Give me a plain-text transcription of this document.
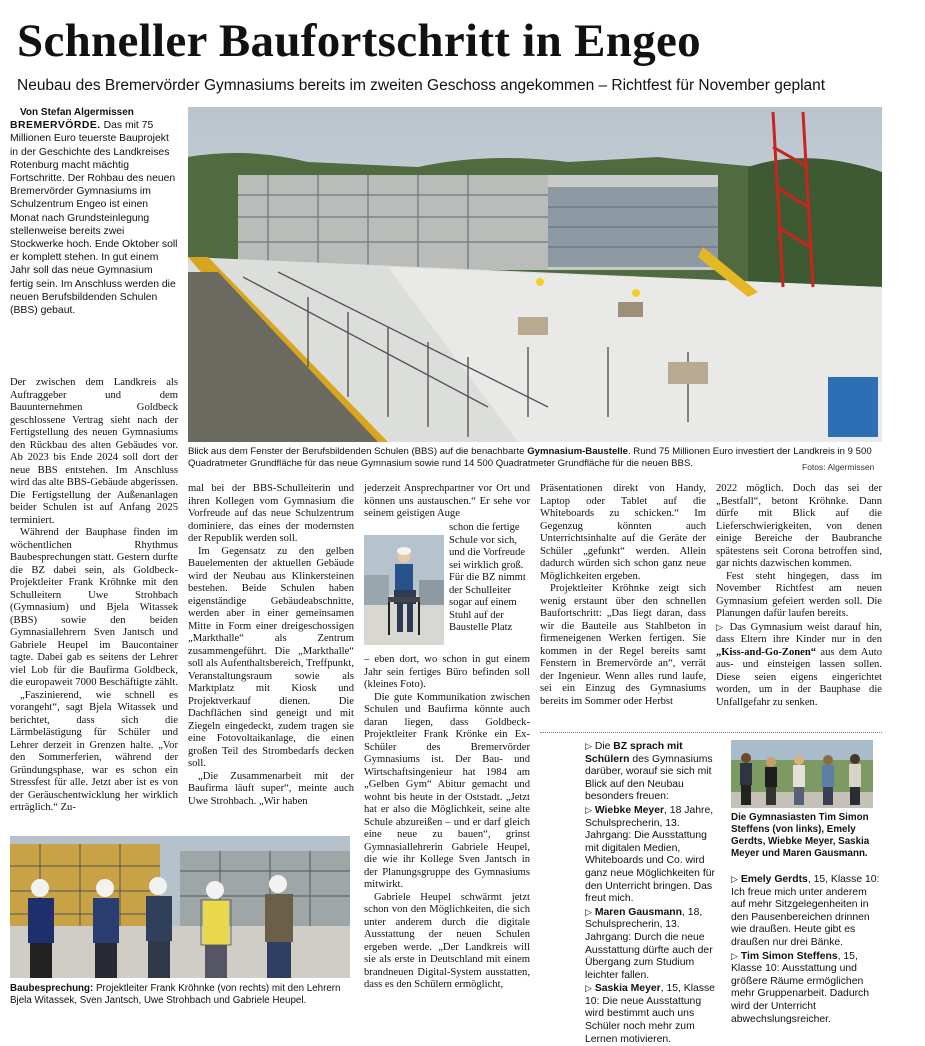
Schneller Baufortschritt in Engeo
Neubau des Bremervörder Gymnasiums bereits im zweiten Geschoss angekommen – Richtfest für November geplant

Von Stefan Algermissen

BREMERVÖRDE. Das mit 75 Millionen Euro teuerste Bauprojekt in der Geschichte des Landkreises Rotenburg macht mächtig Fortschritte. Der Rohbau des neuen Bremervörder Gymnasiums im Schulzentrum Engeo ist einen Monat nach Grundsteinlegung stellenweise bereits zwei Stockwerke hoch. Ende Oktober soll er komplett stehen. In gut einem Jahr soll das neue Gymnasium fertig sein. Im Anschluss werden die neuen Berufsbildenden Schulen (BBS) gebaut.

Blick aus dem Fenster der Berufsbildenden Schulen (BBS) auf die benachbarte Gymnasium-Baustelle. Rund 75 Millionen Euro investiert der Landkreis in 9 500 Quadratmeter Grundfläche für das neue Gymnasium sowie rund 14 500 Quadratmeter Grundfläche für die neuen BBS.	Fotos: Algermissen

Der zwischen dem Landkreis als Auftraggeber und dem Bauunternehmen Goldbeck geschlossene Vertrag sieht nach der Fertigstellung des neuen Gymnasiums den Rückbau des alten Gebäudes vor. Ab 2023 bis Ende 2024 soll dort der neue BBS entstehen. Im Anschluss wird das alte BBS-Gebäude abgerissen. Die Fertigstellung der Außenanlagen beider Schulen ist auf Anfang 2025 terminiert.

Während der Bauphase finden im wöchentlichen Rhythmus Baubesprechungen statt. Gestern durfte die BZ dabei sein, als Goldbeck-Projektleiter Frank Kröhnke mit den Schulleitern Uwe Strohbach (Gymnasium) und Bjela Witassek (BBS) sowie den beiden Gymnasiallehrern Sven Jantsch und Gabriele Heupel im Baucontainer tagte. Dabei gab es seitens der Lehrer viel Lob für die Baufirma Goldbeck, die europaweit 7000 Beschäftigte zählt.

„Faszinierend, wie schnell es vorangeht“, sagt Bjela Witassek und berichtet, dass sich die Lärmbelästigung für Schüler und Lehrer derzeit in Grenzen halte. „Vor den Sommerferien, während der Gründungsphase, war es schon ein Stressfest für alle. Jetzt aber ist es von der Geräuschentwicklung her wirklich erträglich.“ Zu-

mal bei der BBS-Schulleiterin und ihren Kollegen vom Gymnasium die Vorfreude auf das neue Schulzentrum dominiere, das eines der modernsten der Republik werden soll.

Im Gegensatz zu den gelben Bauelementen der aktuellen Gebäude wird der Neubau aus Klinkersteinen bestehen. Beide Schulen haben eigenständige Gebäudeabschnitte, werden aber in einer gemeinsamen Mitte in Form einer dreigeschossigen „Markthalle“ als Zentrum zusammengeführt. Die „Markthalle“ soll als Aufenthaltsbereich, Treffpunkt, Veranstaltungsraum sowie als Marktplatz mit Kiosk und Projektverkauf dienen. Die Dachflächen sind geneigt und mit Ziegeln eingedeckt, zudem tragen sie eine Fotovoltaikanlage, die einen großen Teil des Strombedarfs decken soll.

„Die Zusammenarbeit mit der Baufirma läuft super“, meinte auch Uwe Strohbach. „Wir haben

jederzeit Ansprechpartner vor Ort und können uns austauschen.“ Er sehe vor seinem geistigen Auge

schon die fertige Schule vor sich, und die Vorfreude sei wirklich groß. Für die BZ nimmt der Schulleiter sogar auf einem Stuhl auf der Baustelle Platz

– eben dort, wo schon in gut einem Jahr sein fertiges Büro befinden soll (kleines Foto).

Die gute Kommunikation zwischen Schulen und Baufirma könnte auch daran liegen, dass Goldbeck-Projektleiter Frank Krönke ein Ex-Schüler des Bremervörder Gymnasiums ist. Der Bau- und Wirtschaftsingenieur hat 1984 am „Gelben Gym“ Abitur gemacht und wohnt bis heute in der Oststadt. „Jetzt hat er also die Möglichkeit, seine alte Schule abzureißen – und er darf gleich eine neue zu bauen“, grinst Gymnasiallehrerin Gabriele Heupel, die wie ihr Kollege Sven Jantsch in der Planungsgruppe des Gymnasiums mitwirkt.

Gabriele Heupel schwärmt jetzt schon von den Möglichkeiten, die sich unter anderem durch die digitale Ausstattung der neuen Schulen ergeben werde. „Der Landkreis will sie als erste in Deutschland mit einem brandneuen Digital-System ausstatten, dass es den Schülern ermöglicht,

Präsentationen direkt von Handy, Laptop oder Tablet auf die Whiteboards zu schicken.“ Im Gegenzug könnten auch Unterrichtsinhalte auf die Geräte der Schüler „gefunkt“ werden. Allein dadurch würden sich schon ganz neue Möglichkeiten ergeben.

Projektleiter Kröhnke zeigt sich wenig erstaunt über den schnellen Baufortschritt: „Das liegt daran, dass wir die Bauteile aus Stahlbeton in firmeneigenen Werken fertigen. Sie kommen in der Regel bereits samt Fenstern in Bremervörde an“, verrät der Ingenieur. Wenn alles rund laufe, sei ein Einzug des Gymnasiums bereits im Sommer oder Herbst

2022 möglich. Doch das sei der „Bestfall“, betont Kröhnke. Dann dürfe mit Blick auf die Lieferschwierigkeiten, von denen einige Bereiche der Baubranche spätestens seit Corona betroffen sind, gar nichts dazwischen kommen.

Fest steht hingegen, dass im November Richtfest am neuen Gymnasium gefeiert werden soll. Die Planungen dafür laufen bereits.

▷ Das Gymnasium weist darauf hin, dass Eltern ihre Kinder nur in den „Kiss-and-Go-Zonen“ aus dem Auto aus- und einsteigen lassen sollen. Diese seien eigens eingerichtet worden, um in der Bauphase die Unfallgefahr zu senken.

Baubesprechung: Projektleiter Frank Kröhnke (von rechts) mit den Lehrern Bjela Witassek, Sven Jantsch, Uwe Strohbach und Gabriele Heupel.

▷ Die BZ sprach mit Schülern des Gymnasiums darüber, worauf sie sich mit Blick auf den Neubau besonders freuen:

▷ Wiebke Meyer, 18 Jahre, Schulsprecherin, 13. Jahrgang: Die Ausstattung mit digitalen Medien, Whiteboards und Co. wird ganz neue Möglichkeiten für den Unterricht bringen. Das freut mich.

▷ Maren Gausmann, 18, Schulsprecherin, 13. Jahrgang: Durch die neue Ausstattung dürfte auch der Übergang zum Studium leichter fallen.

▷ Saskia Meyer, 15, Klasse 10: Die neue Ausstattung wird bestimmt auch uns Schüler noch mehr zum Lernen motivieren.

Die Gymnasiasten Tim Simon Steffens (von links), Emely Gerdts, Wiebke Meyer, Saskia Meyer und Maren Gausmann.

▷ Emely Gerdts, 15, Klasse 10: Ich freue mich unter anderem auf mehr Sitzgelegenheiten in den Pausenbereichen drinnen wie draußen. Heute gibt es draußen nur drei Bänke.

▷ Tim Simon Steffens, 15, Klasse 10: Ausstattung und größere Räume ermöglichen mehr Gruppenarbeit. Dadurch wird der Unterricht abwechslungsreicher.
